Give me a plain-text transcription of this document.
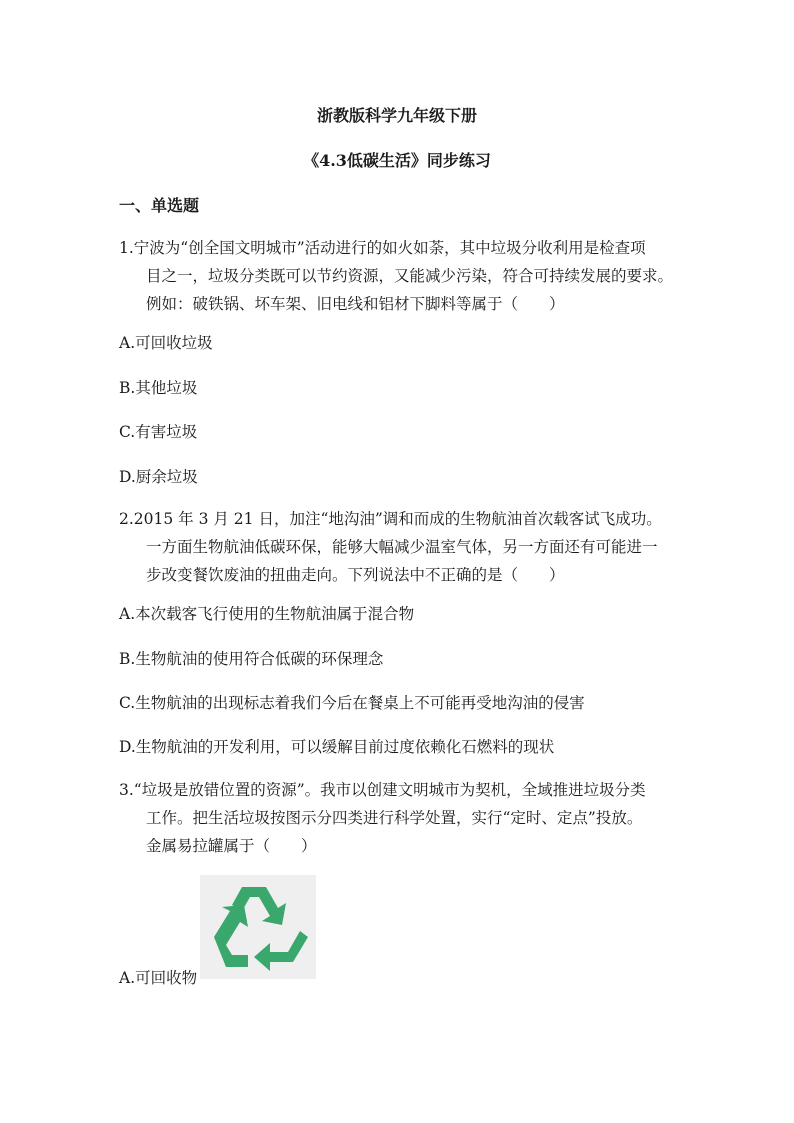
浙教版科学九年级下册
《4.3低碳生活》同步练习
一、单选题
1.宁波为“创全国文明城市”活动进行的如火如荼，其中垃圾分收利用是检查项
目之一，垃圾分类既可以节约资源，又能减少污染，符合可持续发展的要求。
例如：破铁锅、坏车架、旧电线和铝材下脚料等属于（　　）
A.可回收垃圾
B.其他垃圾
C.有害垃圾
D.厨余垃圾
2.2015 年 3 月 21 日，加注“地沟油”调和而成的生物航油首次载客试飞成功。
一方面生物航油低碳环保，能够大幅减少温室气体，另一方面还有可能进一
步改变餐饮废油的扭曲走向。下列说法中不正确的是（　　）
A.本次载客飞行使用的生物航油属于混合物
B.生物航油的使用符合低碳的环保理念
C.生物航油的出现标志着我们今后在餐桌上不可能再受地沟油的侵害
D.生物航油的开发利用，可以缓解目前过度依赖化石燃料的现状
3.“垃圾是放错位置的资源”。我市以创建文明城市为契机，全域推进垃圾分类
工作。把生活垃圾按图示分四类进行科学处置，实行“定时、定点”投放。
金属易拉罐属于（　　）
A.可回收物
